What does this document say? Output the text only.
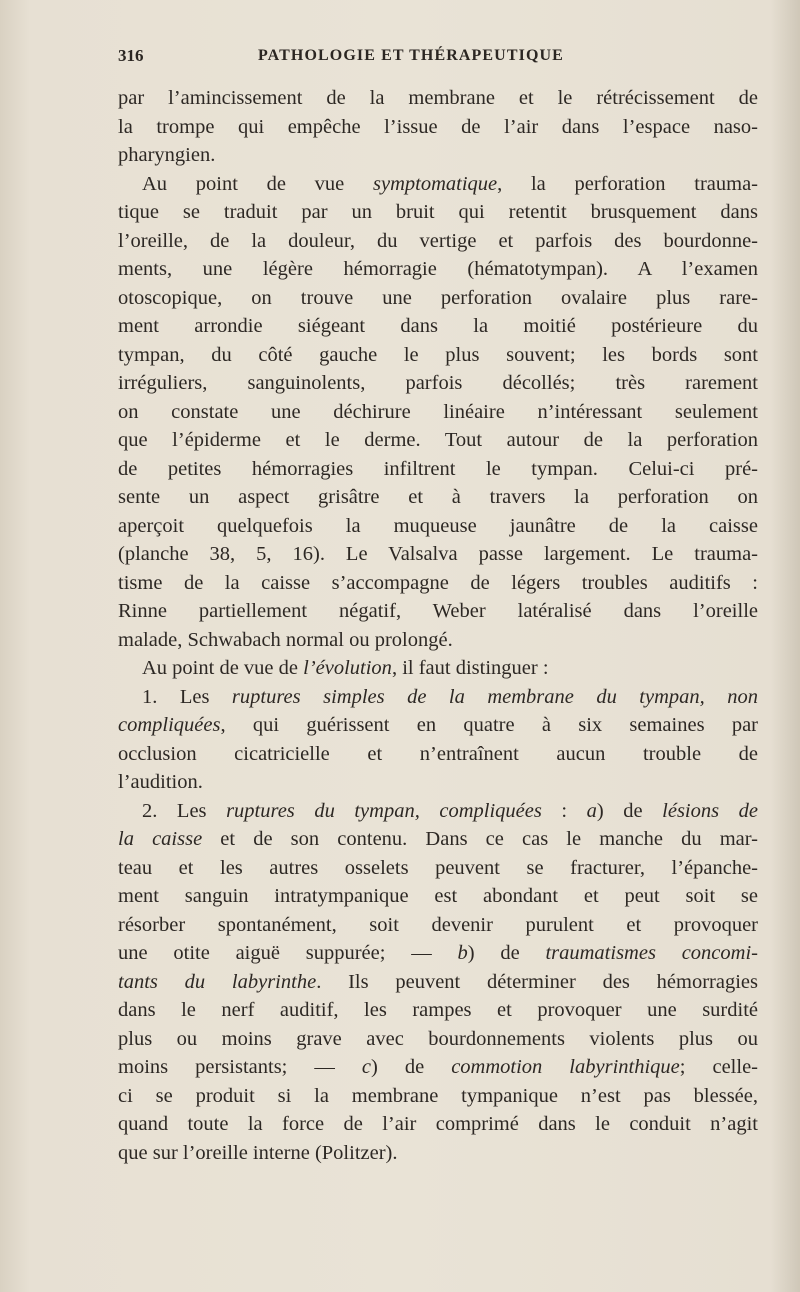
316	PATHOLOGIE ET THÉRAPEUTIQUE
par l’amincissement de la membrane et le rétrécissement de
la trompe qui empêche l’issue de l’air dans l’espace naso-
pharyngien.
Au point de vue symptomatique, la perforation trauma-
tique se traduit par un bruit qui retentit brusquement dans
l’oreille, de la douleur, du vertige et parfois des bourdonne-
ments, une légère hémorragie (hématotympan). A l’examen
otoscopique, on trouve une perforation ovalaire plus rare-
ment arrondie siégeant dans la moitié postérieure du
tympan, du côté gauche le plus souvent; les bords sont
irréguliers, sanguinolents, parfois décollés; très rarement
on constate une déchirure linéaire n’intéressant seulement
que l’épiderme et le derme. Tout autour de la perforation
de petites hémorragies infiltrent le tympan. Celui-ci pré-
sente un aspect grisâtre et à travers la perforation on
aperçoit quelquefois la muqueuse jaunâtre de la caisse
(planche 38, 5, 16). Le Valsalva passe largement. Le trauma-
tisme de la caisse s’accompagne de légers troubles auditifs :
Rinne partiellement négatif, Weber latéralisé dans l’oreille
malade, Schwabach normal ou prolongé.
Au point de vue de l’évolution, il faut distinguer :
1. Les ruptures simples de la membrane du tympan, non
compliquées, qui guérissent en quatre à six semaines par
occlusion cicatricielle et n’entraînent aucun trouble de
l’audition.
2. Les ruptures du tympan, compliquées : a) de lésions de
la caisse et de son contenu. Dans ce cas le manche du mar-
teau et les autres osselets peuvent se fracturer, l’épanche-
ment sanguin intratympanique est abondant et peut soit se
résorber spontanément, soit devenir purulent et provoquer
une otite aiguë suppurée; — b) de traumatismes concomi-
tants du labyrinthe. Ils peuvent déterminer des hémorragies
dans le nerf auditif, les rampes et provoquer une surdité
plus ou moins grave avec bourdonnements violents plus ou
moins persistants; — c) de commotion labyrinthique; celle-
ci se produit si la membrane tympanique n’est pas blessée,
quand toute la force de l’air comprimé dans le conduit n’agit
que sur l’oreille interne (Politzer).
